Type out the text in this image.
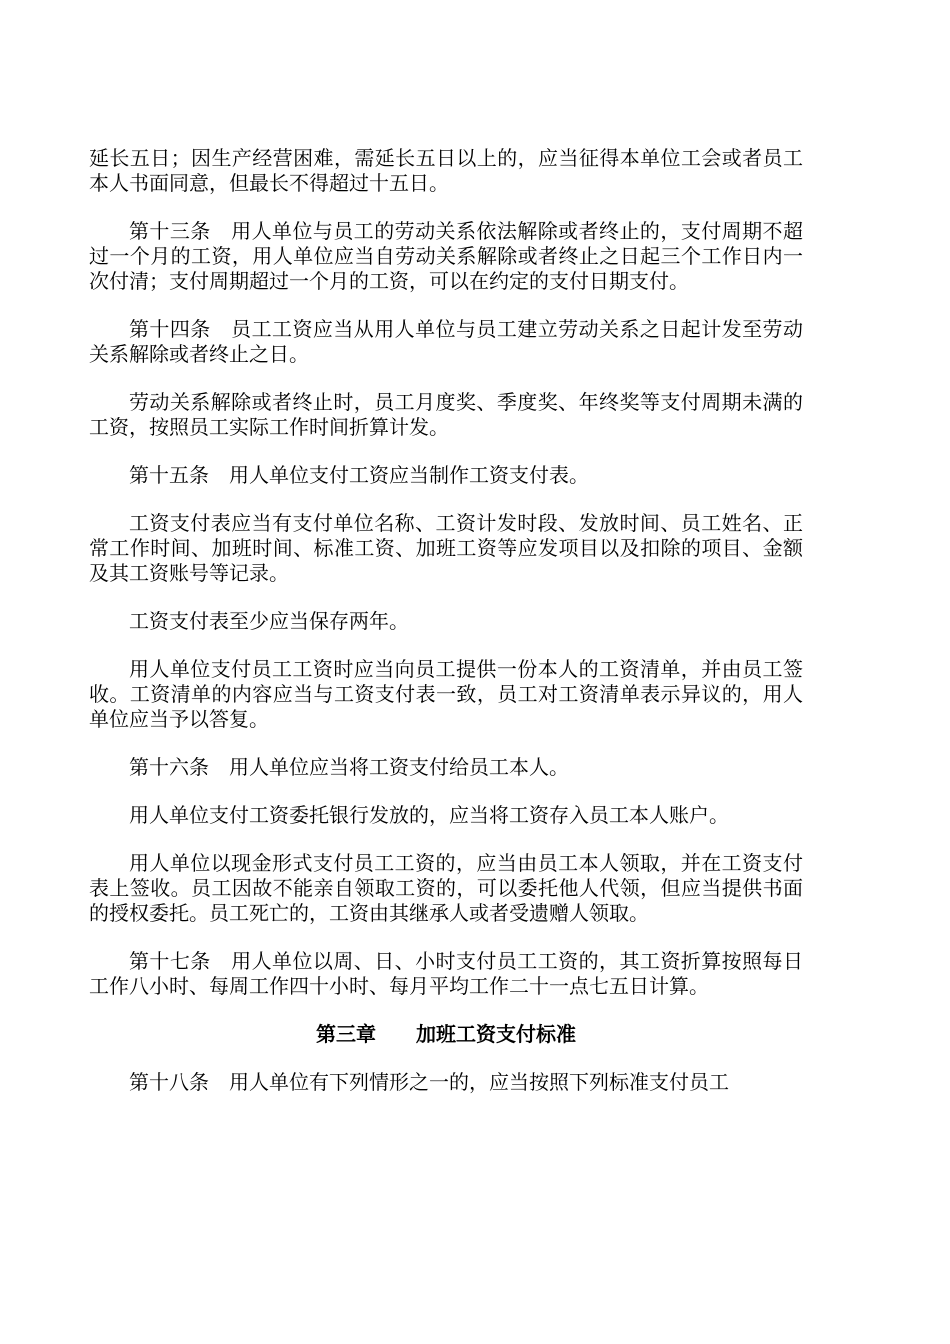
延长五日；因生产经营困难，需延长五日以上的，应当征得本单位工会或者员工本人书面同意，但最长不得超过十五日。

第十三条　用人单位与员工的劳动关系依法解除或者终止的，支付周期不超过一个月的工资，用人单位应当自劳动关系解除或者终止之日起三个工作日内一次付清；支付周期超过一个月的工资，可以在约定的支付日期支付。

第十四条　员工工资应当从用人单位与员工建立劳动关系之日起计发至劳动关系解除或者终止之日。

劳动关系解除或者终止时，员工月度奖、季度奖、年终奖等支付周期未满的工资，按照员工实际工作时间折算计发。

第十五条　用人单位支付工资应当制作工资支付表。

工资支付表应当有支付单位名称、工资计发时段、发放时间、员工姓名、正常工作时间、加班时间、标准工资、加班工资等应发项目以及扣除的项目、金额及其工资账号等记录。

工资支付表至少应当保存两年。

用人单位支付员工工资时应当向员工提供一份本人的工资清单，并由员工签收。工资清单的内容应当与工资支付表一致，员工对工资清单表示异议的，用人单位应当予以答复。

第十六条　用人单位应当将工资支付给员工本人。

用人单位支付工资委托银行发放的，应当将工资存入员工本人账户。

用人单位以现金形式支付员工工资的，应当由员工本人领取，并在工资支付表上签收。员工因故不能亲自领取工资的，可以委托他人代领，但应当提供书面的授权委托。员工死亡的，工资由其继承人或者受遗赠人领取。

第十七条　用人单位以周、日、小时支付员工工资的，其工资折算按照每日工作八小时、每周工作四十小时、每月平均工作二十一点七五日计算。

第三章　　加班工资支付标准

第十八条　用人单位有下列情形之一的，应当按照下列标准支付员工
